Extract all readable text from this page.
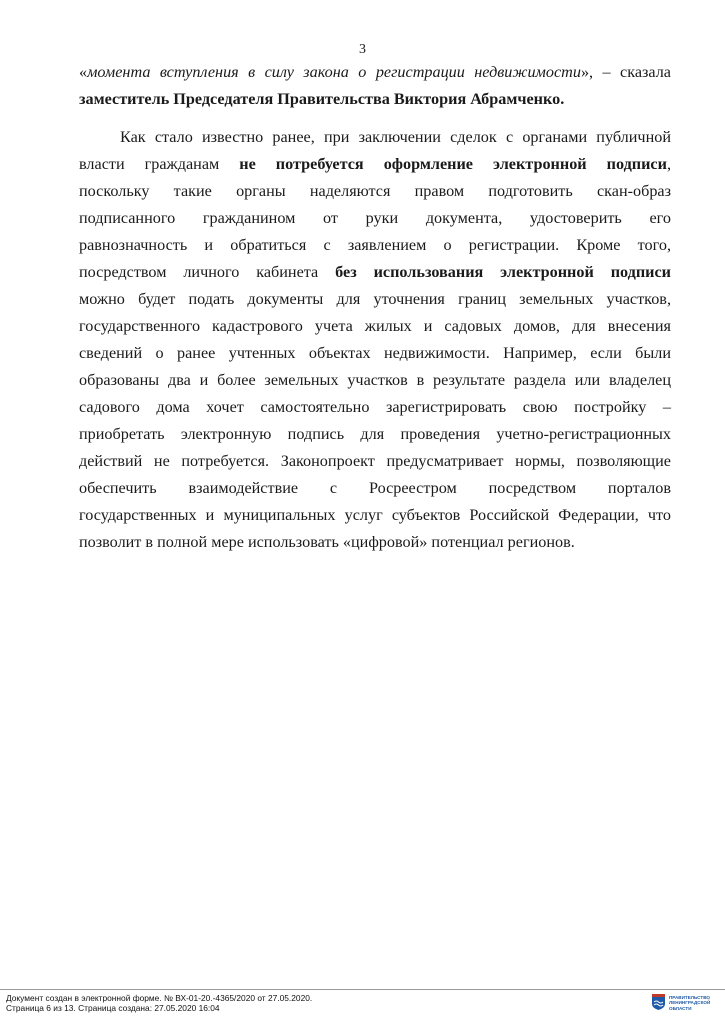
3
«момента вступления в силу закона о регистрации недвижимости», – сказала
заместитель Председателя Правительства Виктория Абрамченко.
Как стало известно ранее, при заключении сделок с органами публичной
власти гражданам не потребуется оформление электронной подписи,
поскольку такие органы наделяются правом подготовить скан-образ
подписанного гражданином от руки документа, удостоверить его
равнозначность и обратиться с заявлением о регистрации. Кроме того,
посредством личного кабинета без использования электронной подписи
можно будет подать документы для уточнения границ земельных участков,
государственного кадастрового учета жилых и садовых домов, для внесения
сведений о ранее учтенных объектах недвижимости. Например, если были
образованы два и более земельных участков в результате раздела или владелец
садового дома хочет самостоятельно зарегистрировать свою постройку –
приобретать электронную подпись для проведения учетно-регистрационных
действий не потребуется. Законопроект предусматривает нормы, позволяющие
обеспечить взаимодействие с Росреестром посредством порталов
государственных и муниципальных услуг субъектов Российской Федерации, что
позволит в полной мере использовать «цифровой» потенциал регионов.
Документ создан в электронной форме. № ВХ-01-20.-4365/2020 от 27.05.2020.
Страница 6 из 13. Страница создана: 27.05.2020 16:04
ПРАВИТЕЛЬСТВО
ЛЕНИНГРАДСКОЙ
ОБЛАСТИ
